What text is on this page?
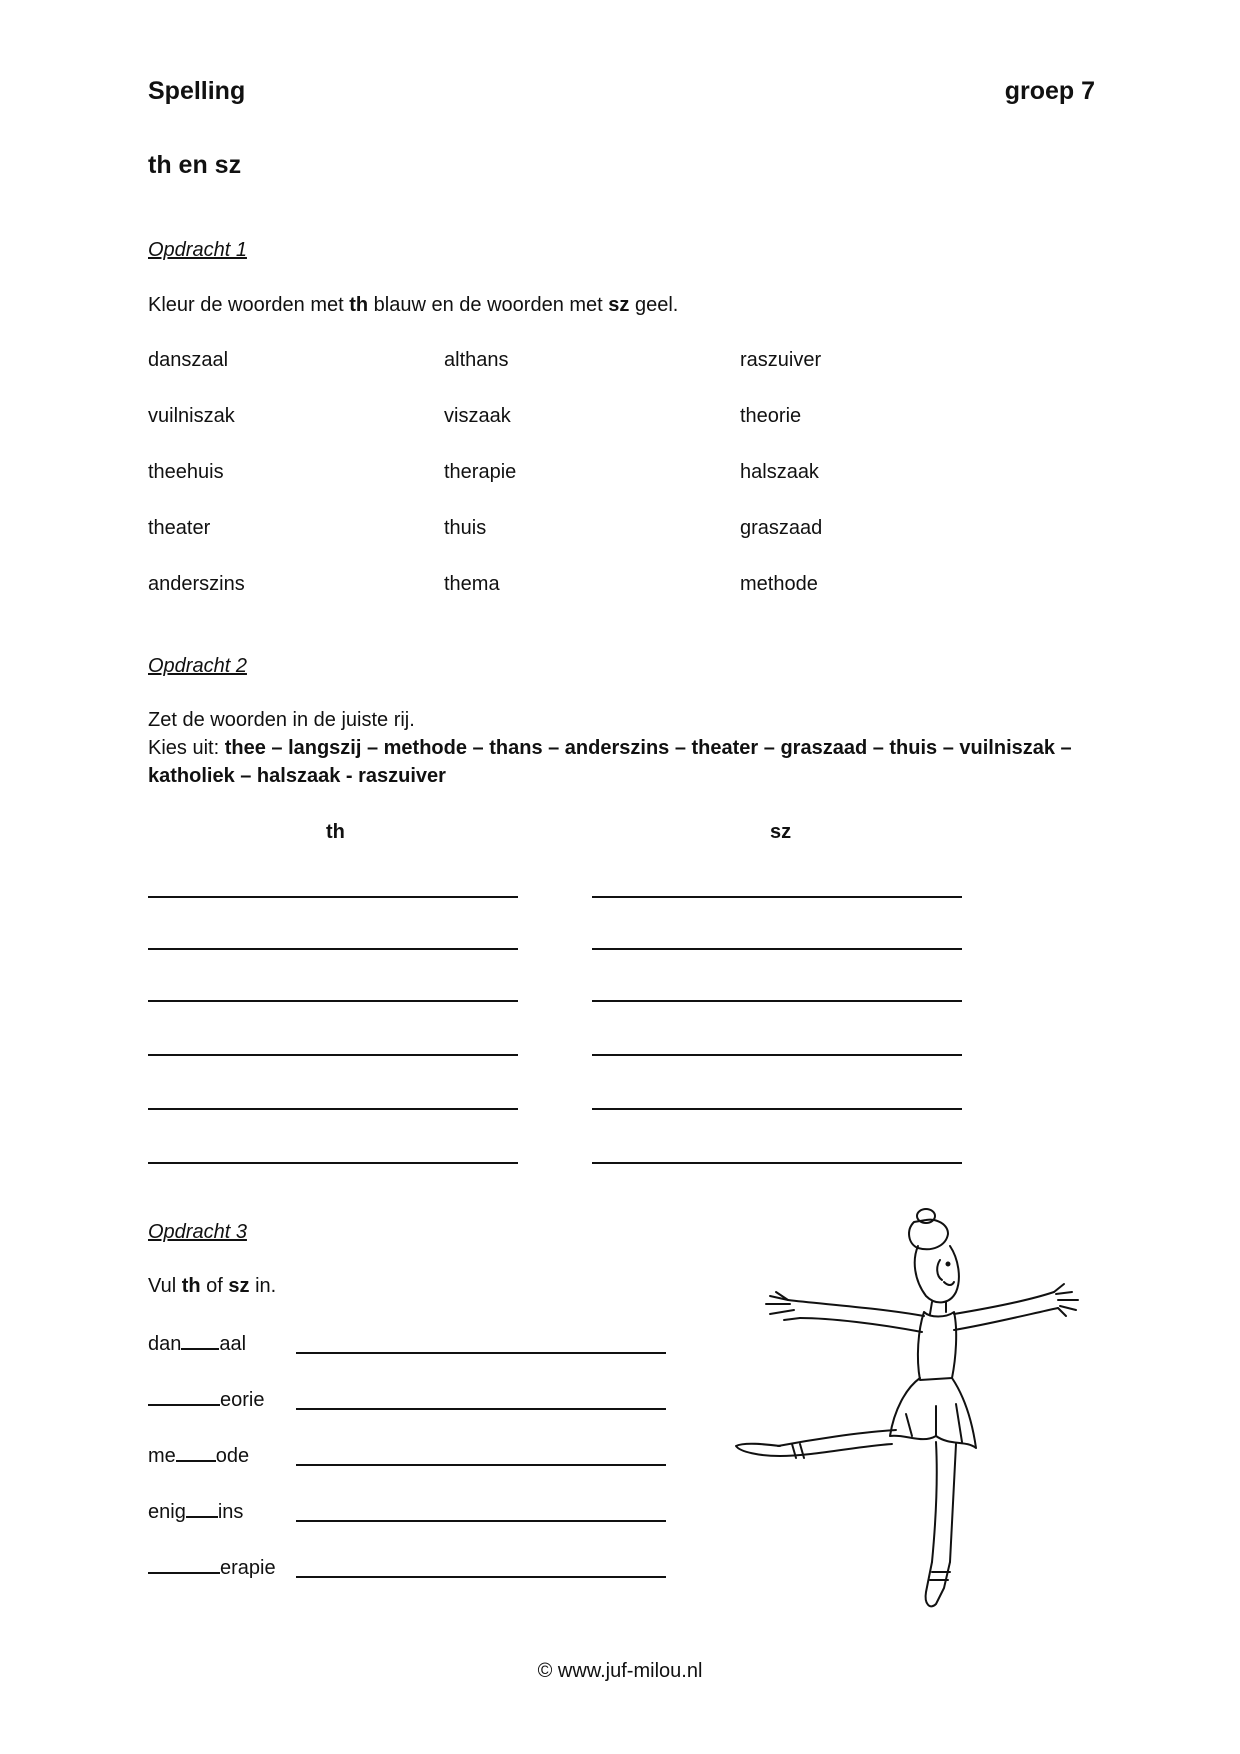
Spelling	groep 7
th en sz
Opdracht 1
Kleur de woorden met th blauw en de woorden met sz geel.
danszaal	althans	raszuiver
vuilniszak	viszaak	theorie
theehuis	therapie	halszaak
theater	thuis	graszaad
anderszins	thema	methode
Opdracht 2
Zet de woorden in de juiste rij.
Kies uit: thee – langszij – methode – thans – anderszins – theater – graszaad – thuis – vuilniszak –
katholiek – halszaak - raszuiver
th	sz
Opdracht 3
Vul th of sz in.
dan aal
eorie
me ode
enig ins
erapie
© www.juf-milou.nl
